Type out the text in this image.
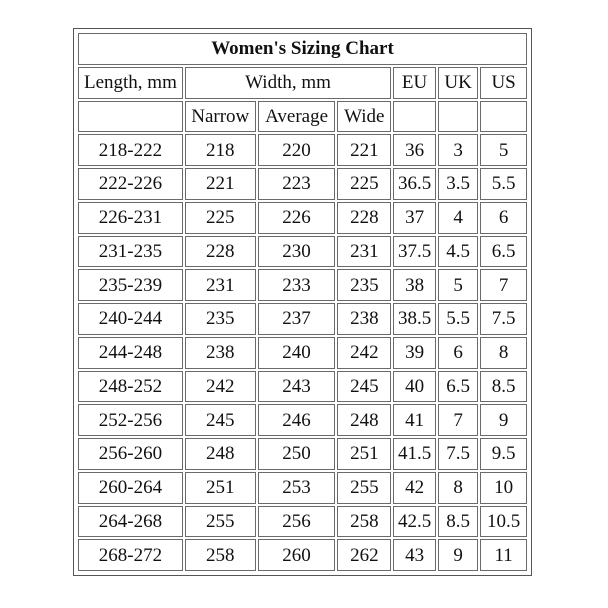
Women's Sizing Chart						
Length, mm	Width, mm			EU	UK	US
	Narrow	Average	Wide			
218-222	218	220	221	36	3	5
222-226	221	223	225	36.5	3.5	5.5
226-231	225	226	228	37	4	6
231-235	228	230	231	37.5	4.5	6.5
235-239	231	233	235	38	5	7
240-244	235	237	238	38.5	5.5	7.5
244-248	238	240	242	39	6	8
248-252	242	243	245	40	6.5	8.5
252-256	245	246	248	41	7	9
256-260	248	250	251	41.5	7.5	9.5
260-264	251	253	255	42	8	10
264-268	255	256	258	42.5	8.5	10.5
268-272	258	260	262	43	9	11
